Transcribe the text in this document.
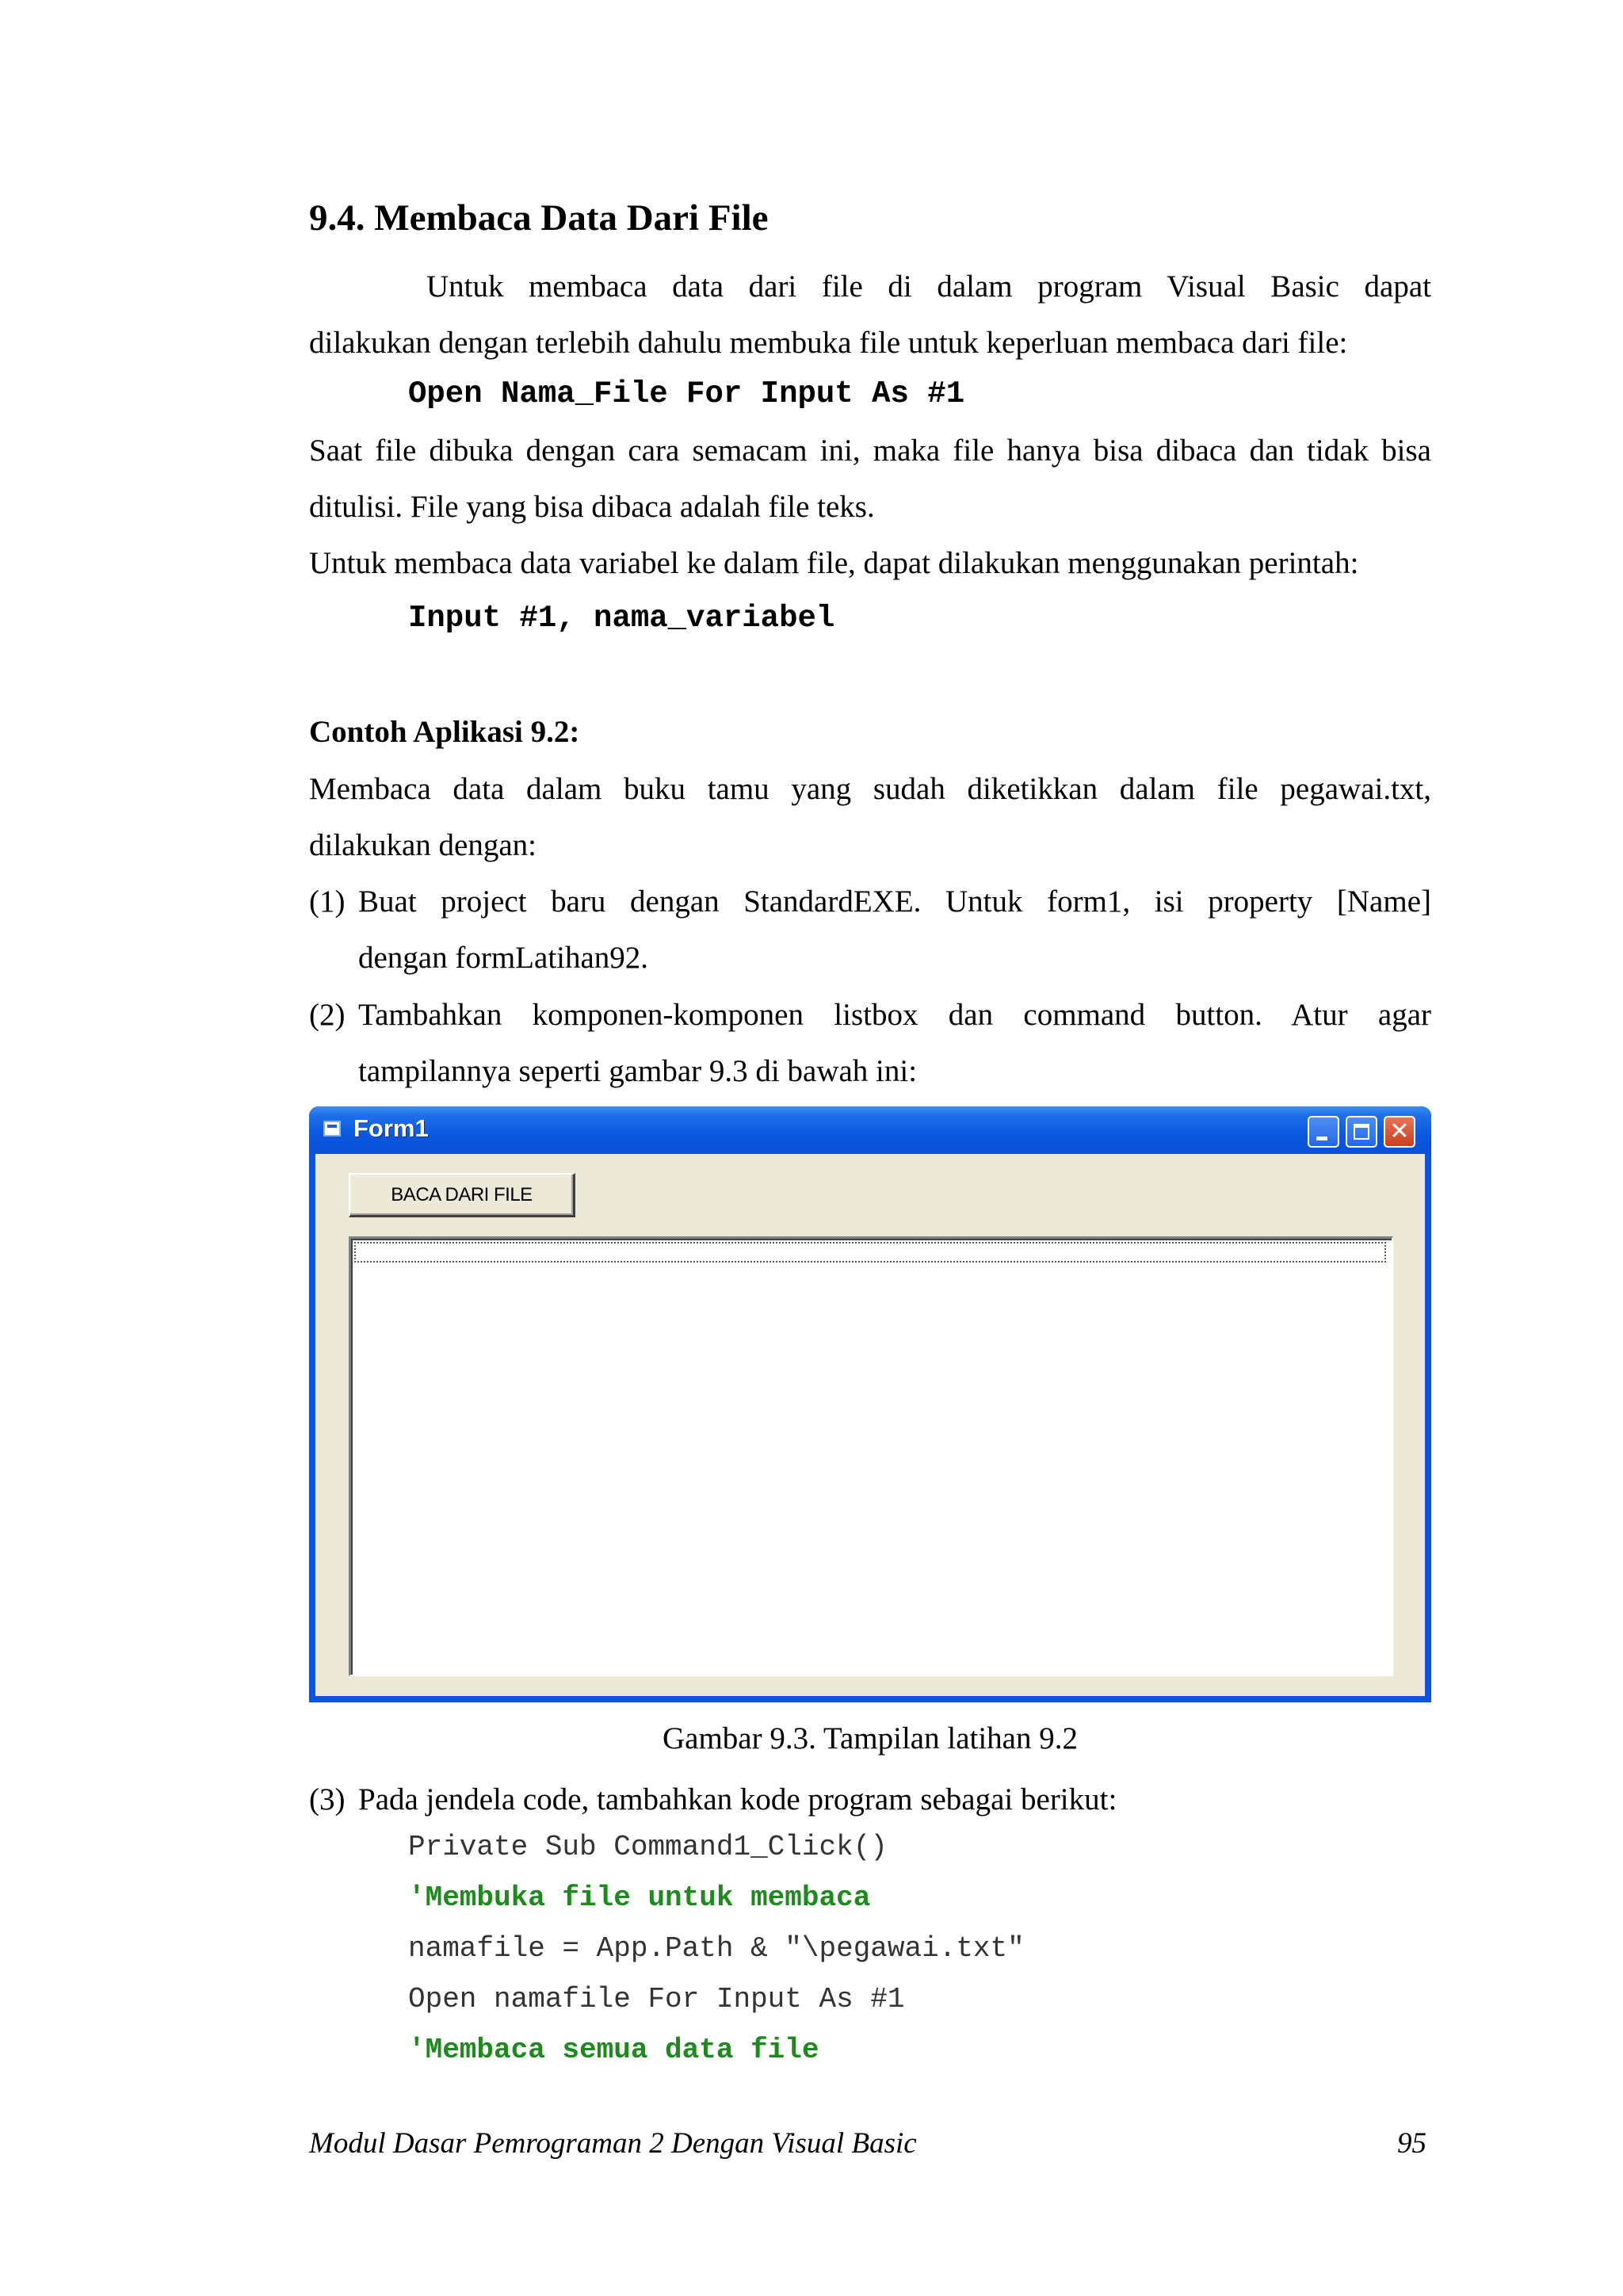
9.4. Membaca Data Dari File

Untuk membaca data dari file di dalam program Visual Basic dapat
dilakukan dengan terlebih dahulu membuka file untuk keperluan membaca dari file:

Open Nama_File For Input As #1

Saat file dibuka dengan cara semacam ini, maka file hanya bisa dibaca dan tidak bisa
ditulisi. File yang bisa dibaca adalah file teks.
Untuk membaca data variabel ke dalam file, dapat dilakukan menggunakan perintah:

Input #1, nama_variabel

Contoh Aplikasi 9.2:

Membaca data dalam buku tamu yang sudah diketikkan dalam file pegawai.txt,
dilakukan dengan:

(1) Buat project baru dengan StandardEXE. Untuk form1, isi property [Name]
dengan formLatihan92.
(2) Tambahkan komponen-komponen listbox dan command button. Atur agar
tampilannya seperti gambar 9.3 di bawah ini:
Form1	✕
BACA DARI FILE
Gambar 9.3. Tampilan latihan 9.2
(3) Pada jendela code, tambahkan kode program sebagai berikut:
Private Sub Command1_Click()
'Membuka file untuk membaca
namafile = App.Path & "\pegawai.txt"
Open namafile For Input As #1
'Membaca semua data file
Modul Dasar Pemrograman 2 Dengan Visual Basic	95
